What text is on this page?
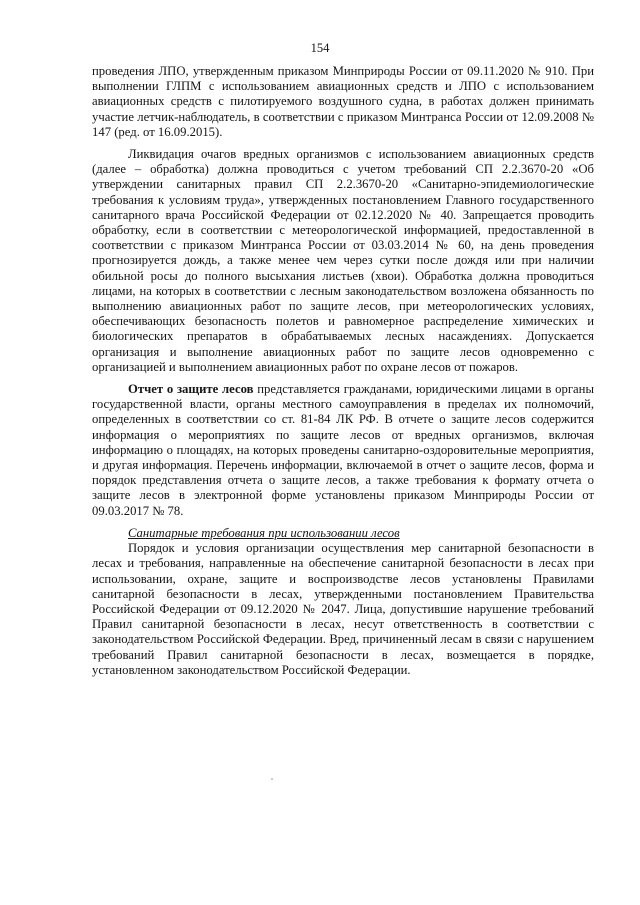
154

проведения ЛПО, утвержденным приказом Минприроды России от 09.11.2020 № 910. При выполнении ГЛПМ с использованием авиационных средств и ЛПО с использованием авиационных средств с пилотируемого воздушного судна, в работах должен принимать участие летчик-наблюдатель, в соответствии с приказом Минтранса России от 12.09.2008 № 147 (ред. от 16.09.2015).

Ликвидация очагов вредных организмов с использованием авиационных средств (далее – обработка) должна проводиться с учетом требований СП 2.2.3670-20 «Об утверждении санитарных правил СП 2.2.3670-20 «Санитарно-эпидемиологические требования к условиям труда», утвержденных постановлением Главного государственного санитарного врача Российской Федерации от 02.12.2020 № 40. Запрещается проводить обработку, если в соответствии с метеорологической информацией, предоставленной в соответствии с приказом Минтранса России от 03.03.2014 № 60, на день проведения прогнозируется дождь, а также менее чем через сутки после дождя или при наличии обильной росы до полного высыхания листьев (хвои). Обработка должна проводиться лицами, на которых в соответствии с лесным законодательством возложена обязанность по выполнению авиационных работ по защите лесов, при метеорологических условиях, обеспечивающих безопасность полетов и равномерное распределение химических и биологических препаратов в обрабатываемых лесных насаждениях. Допускается организация и выполнение авиационных работ по защите лесов одновременно с организацией и выполнением авиационных работ по охране лесов от пожаров.

Отчет о защите лесов представляется гражданами, юридическими лицами в органы государственной власти, органы местного самоуправления в пределах их полномочий, определенных в соответствии со ст. 81-84 ЛК РФ. В отчете о защите лесов содержится информация о мероприятиях по защите лесов от вредных организмов, включая информацию о площадях, на которых проведены санитарно-оздоровительные мероприятия, и другая информация. Перечень информации, включаемой в отчет о защите лесов, форма и порядок представления отчета о защите лесов, а также требования к формату отчета о защите лесов в электронной форме установлены приказом Минприроды России от 09.03.2017 № 78.

Санитарные требования при использовании лесов

Порядок и условия организации осуществления мер санитарной безопасности в лесах и требования, направленные на обеспечение санитарной безопасности в лесах при использовании, охране, защите и воспроизводстве лесов установлены Правилами санитарной безопасности в лесах, утвержденными постановлением Правительства Российской Федерации от 09.12.2020 № 2047. Лица, допустившие нарушение требований Правил санитарной безопасности в лесах, несут ответственность в соответствии с законодательством Российской Федерации. Вред, причиненный лесам в связи с нарушением требований Правил санитарной безопасности в лесах, возмещается в порядке, установленном законодательством Российской Федерации.
